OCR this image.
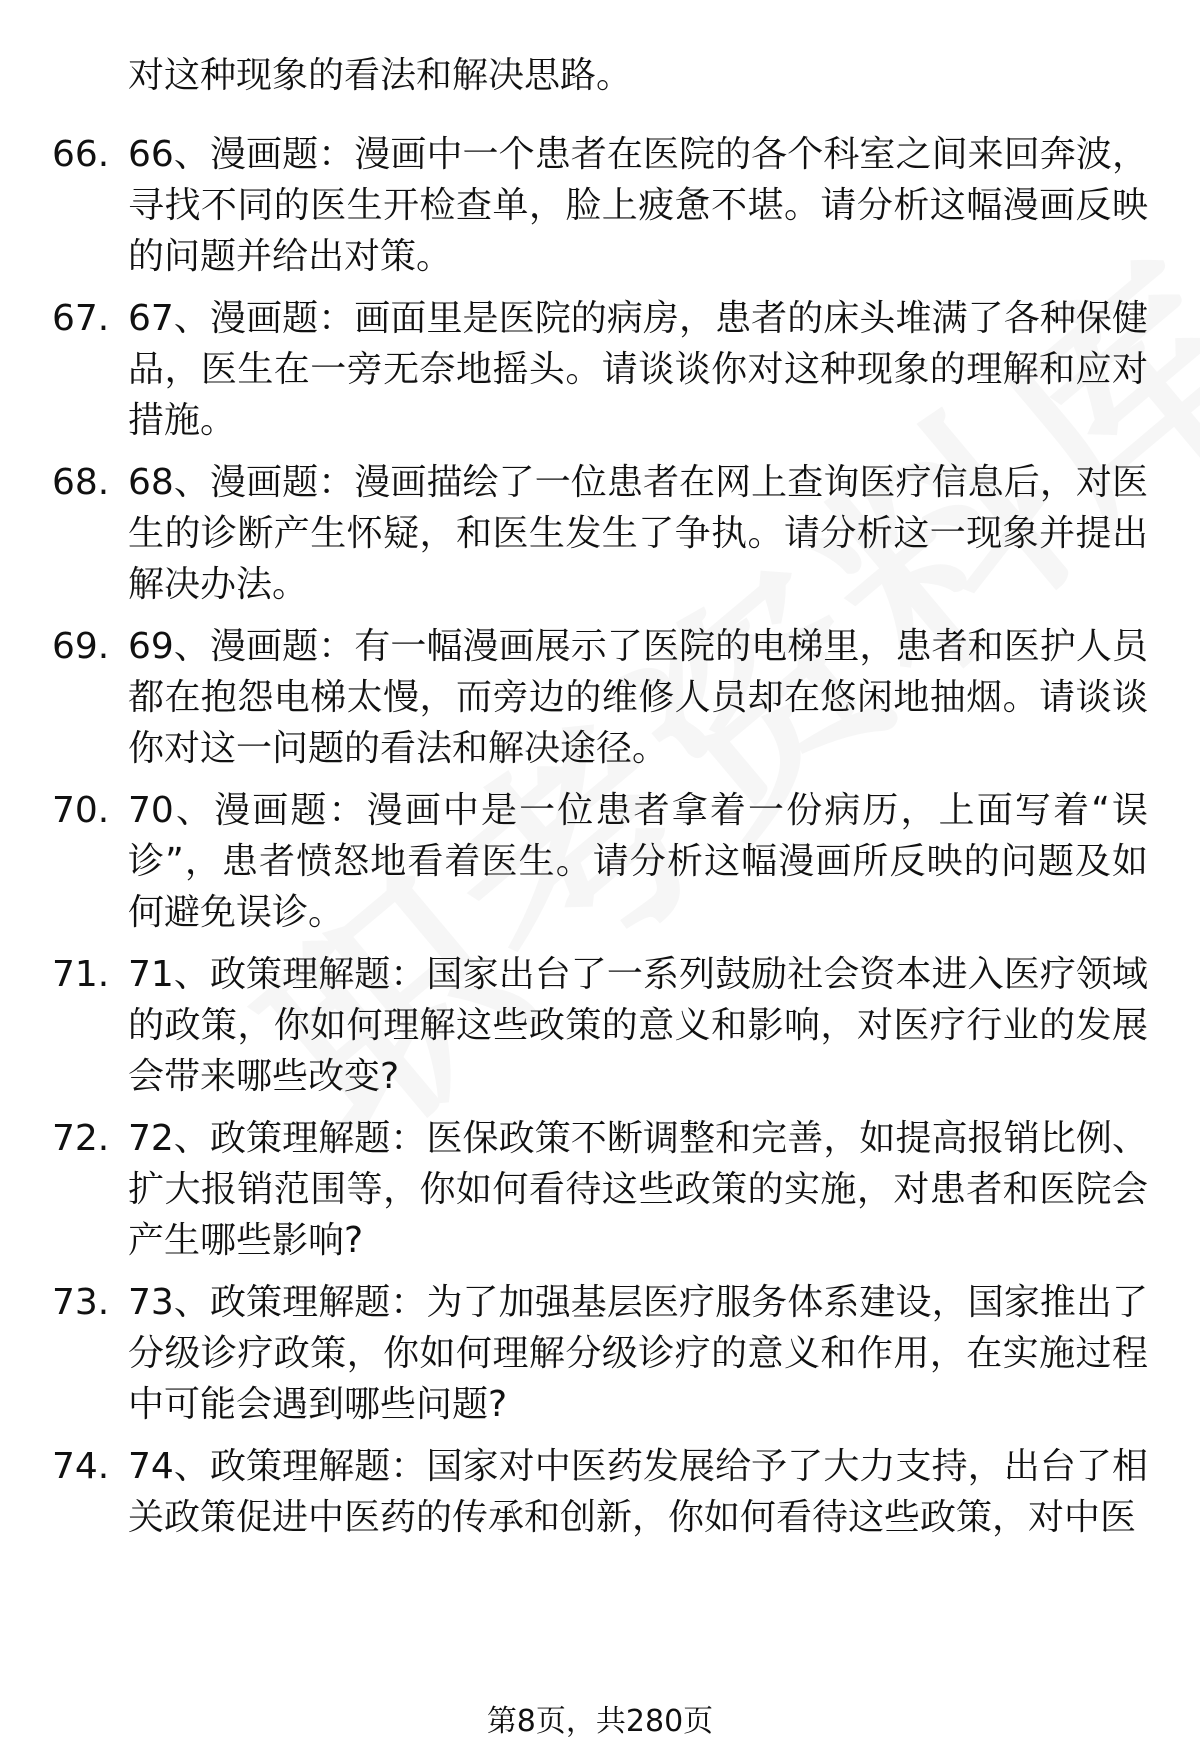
对这种现象的看法和解决思路。
66. 66、漫画题：漫画中一个患者在医院的各个科室之间来回奔波，寻找不同的医生开检查单，脸上疲惫不堪。请分析这幅漫画反映的问题并给出对策。
67. 67、漫画题：画面里是医院的病房，患者的床头堆满了各种保健品，医生在一旁无奈地摇头。请谈谈你对这种现象的理解和应对措施。
68. 68、漫画题：漫画描绘了一位患者在网上查询医疗信息后，对医生的诊断产生怀疑，和医生发生了争执。请分析这一现象并提出解决办法。
69. 69、漫画题：有一幅漫画展示了医院的电梯里，患者和医护人员都在抱怨电梯太慢，而旁边的维修人员却在悠闲地抽烟。请谈谈你对这一问题的看法和解决途径。
70. 70、漫画题：漫画中是一位患者拿着一份病历，上面写着“误诊”，患者愤怒地看着医生。请分析这幅漫画所反映的问题及如何避免误诊。
71. 71、政策理解题：国家出台了一系列鼓励社会资本进入医疗领域的政策，你如何理解这些政策的意义和影响，对医疗行业的发展会带来哪些改变?
72. 72、政策理解题：医保政策不断调整和完善，如提高报销比例、扩大报销范围等，你如何看待这些政策的实施，对患者和医院会产生哪些影响?
73. 73、政策理解题：为了加强基层医疗服务体系建设，国家推出了分级诊疗政策，你如何理解分级诊疗的意义和作用，在实施过程中可能会遇到哪些问题?
74. 74、政策理解题：国家对中医药发展给予了大力支持，出台了相关政策促进中医药的传承和创新，你如何看待这些政策，对中医
第8页，共280页
